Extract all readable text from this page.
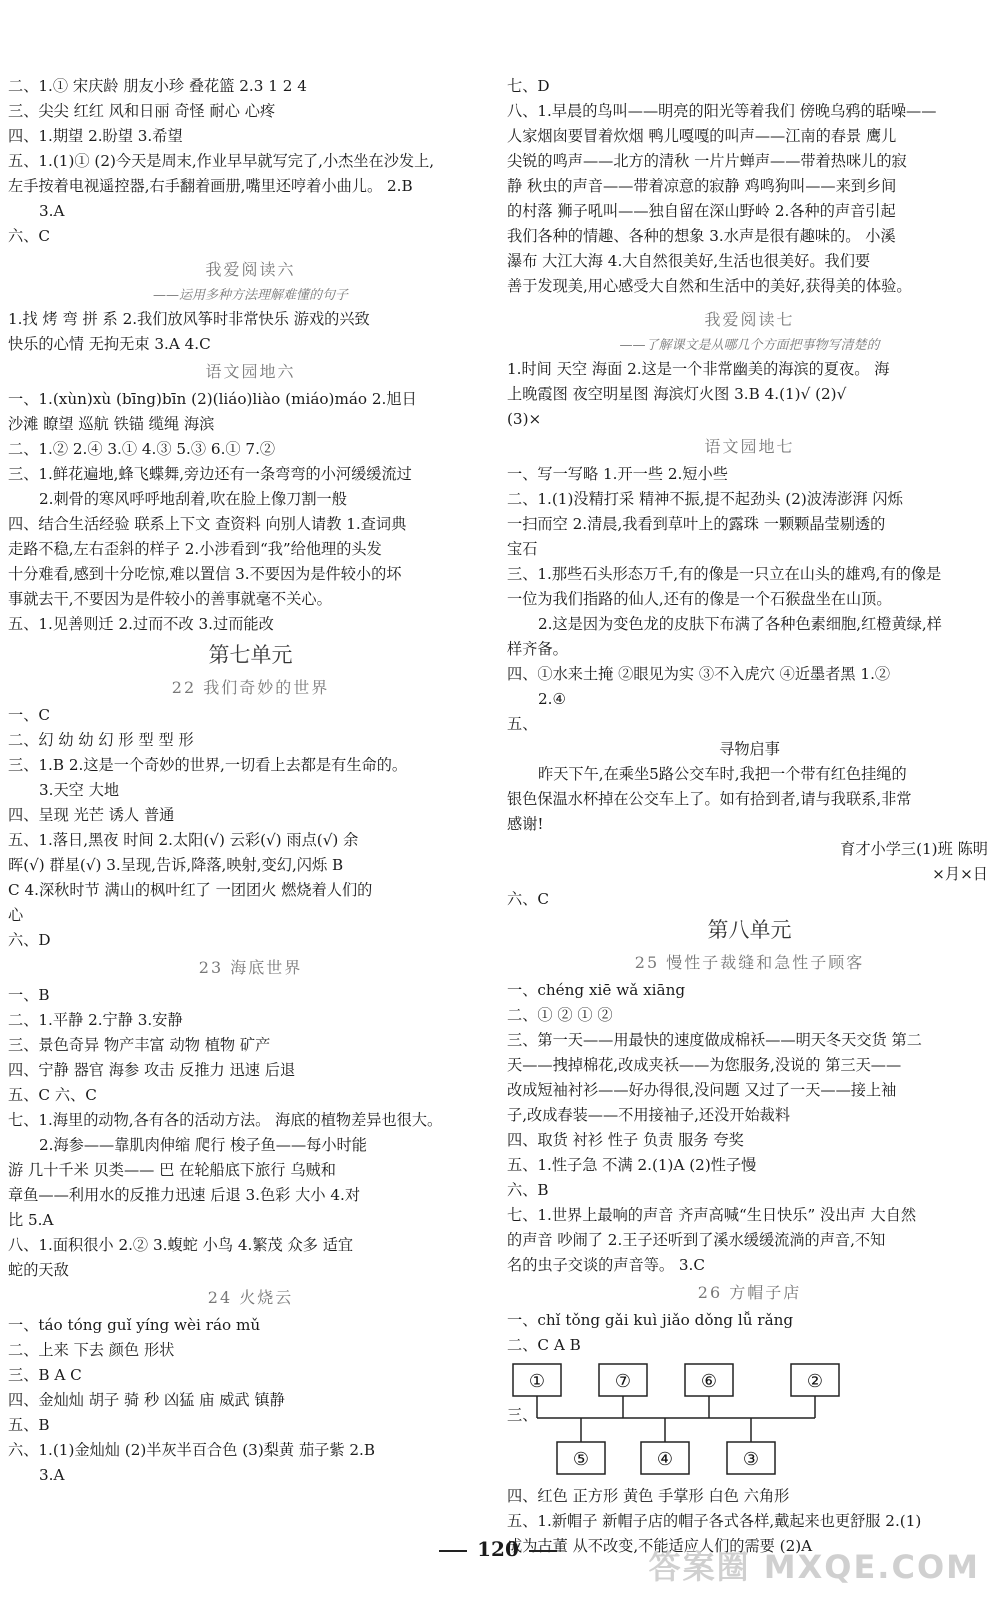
二、1.① 宋庆龄 朋友小珍 叠花篮 2.3 1 2 4
三、尖尖 红红 风和日丽 奇怪 耐心 心疼
四、1.期望 2.盼望 3.希望
五、1.(1)① (2)今天是周末,作业早早就写完了,小杰坐在沙发上,
左手按着电视遥控器,右手翻着画册,嘴里还哼着小曲儿。 2.B
3.A
六、C
我爱阅读六
——运用多种方法理解难懂的句子
1.找 烤 弯 拼 系 2.我们放风筝时非常快乐 游戏的兴致
快乐的心情 无拘无束 3.A 4.C
语文园地六
一、1.(xùn)xù (bīng)bīn (2)(liáo)liào (miáo)máo 2.旭日
沙滩 瞭望 巡航 铁锚 缆绳 海滨
二、1.② 2.④ 3.① 4.③ 5.③ 6.① 7.②
三、1.鲜花遍地,蜂飞蝶舞,旁边还有一条弯弯的小河缓缓流过
2.刺骨的寒风呼呼地刮着,吹在脸上像刀割一般
四、结合生活经验 联系上下文 查资料 向别人请教 1.查词典
走路不稳,左右歪斜的样子 2.小涉看到“我”给他理的头发
十分难看,感到十分吃惊,难以置信 3.不要因为是件较小的坏
事就去干,不要因为是件较小的善事就毫不关心。
五、1.见善则迁 2.过而不改 3.过而能改
第七单元
22 我们奇妙的世界
一、C
二、幻 幼 幼 幻 形 型 型 形
三、1.B 2.这是一个奇妙的世界,一切看上去都是有生命的。
3.天空 大地
四、呈现 光芒 诱人 普通
五、1.落日,黑夜 时间 2.太阳(√) 云彩(√) 雨点(√) 余
晖(√) 群星(√) 3.呈现,告诉,降落,映射,变幻,闪烁 B
C 4.深秋时节 满山的枫叶红了 一团团火 燃烧着人们的
心
六、D
23 海底世界
一、B
二、1.平静 2.宁静 3.安静
三、景色奇异 物产丰富 动物 植物 矿产
四、宁静 器官 海参 攻击 反推力 迅速 后退
五、C 六、C
七、1.海里的动物,各有各的活动方法。 海底的植物差异也很大。
2.海参——靠肌肉伸缩 爬行 梭子鱼——每小时能
游 几十千米 贝类—— 巴 在轮船底下旅行 乌贼和
章鱼——利用水的反推力迅速 后退 3.色彩 大小 4.对
比 5.A
八、1.面积很小 2.② 3.蝮蛇 小鸟 4.繁茂 众多 适宜
蛇的天敌
24 火烧云
一、táo tóng guǐ yíng wèi ráo mǔ
二、上来 下去 颜色 形状
三、B A C
四、金灿灿 胡子 骑 秒 凶猛 庙 威武 镇静
五、B
六、1.(1)金灿灿 (2)半灰半百合色 (3)梨黄 茄子紫 2.B
3.A
七、D
八、1.早晨的鸟叫——明亮的阳光等着我们 傍晚乌鸦的聒噪——
人家烟囱要冒着炊烟 鸭儿嘎嘎的叫声——江南的春景 鹰儿
尖锐的鸣声——北方的清秋 一片片蝉声——带着热咪儿的寂
静 秋虫的声音——带着凉意的寂静 鸡鸣狗叫——来到乡间
的村落 狮子吼叫——独自留在深山野岭 2.各种的声音引起
我们各种的情趣、各种的想象 3.水声是很有趣味的。 小溪
瀑布 大江大海 4.大自然很美好,生活也很美好。我们要
善于发现美,用心感受大自然和生活中的美好,获得美的体验。
我爱阅读七
——了解课文是从哪几个方面把事物写清楚的
1.时间 天空 海面 2.这是一个非常幽美的海滨的夏夜。 海
上晚霞图 夜空明星图 海滨灯火图 3.B 4.(1)√ (2)√
(3)×
语文园地七
一、写一写略 1.开一些 2.短小些
二、1.(1)没精打采 精神不振,提不起劲头 (2)波涛澎湃 闪烁
一扫而空 2.清晨,我看到草叶上的露珠 一颗颗晶莹剔透的
宝石
三、1.那些石头形态万千,有的像是一只立在山头的雄鸡,有的像是
一位为我们指路的仙人,还有的像是一个石猴盘坐在山顶。
2.这是因为变色龙的皮肤下布满了各种色素细胞,红橙黄绿,样
样齐备。
四、①水来土掩 ②眼见为实 ③不入虎穴 ④近墨者黑 1.②
2.④
五、
寻物启事
昨天下午,在乘坐5路公交车时,我把一个带有红色挂绳的
银色保温水杯掉在公交车上了。如有拾到者,请与我联系,非常
感谢!
育才小学三(1)班 陈明
×月×日
六、C
第八单元
25 慢性子裁缝和急性子顾客
一、chéng xiē wǎ xiāng
二、① ② ① ②
三、第一天——用最快的速度做成棉袄——明天冬天交货 第二
天——拽掉棉花,改成夹袄——为您服务,没说的 第三天——
改成短袖衬衫——好办得很,没问题 又过了一天——接上袖
子,改成春装——不用接袖子,还没开始裁料
四、取货 衬衫 性子 负责 服务 夸奖
五、1.性子急 不满 2.(1)A (2)性子慢
六、B
七、1.世界上最响的声音 齐声高喊“生日快乐” 没出声 大自然
的声音 吵闹了 2.王子还听到了溪水缓缓流淌的声音,不知
名的虫子交谈的声音等。 3.C
26 方帽子店
一、chǐ tǒng gǎi kuì jiǎo dǒng lǚ rǎng
二、C A B
三、
①	⑦	⑥	②
⑤	④	③
四、红色 正方形 黄色 手掌形 白色 六角形
五、1.新帽子 新帽子店的帽子各式各样,戴起来也更舒服 2.(1)
成为古董 从不改变,不能适应人们的需要 (2)A
120	答案圈 MXQE.COM
